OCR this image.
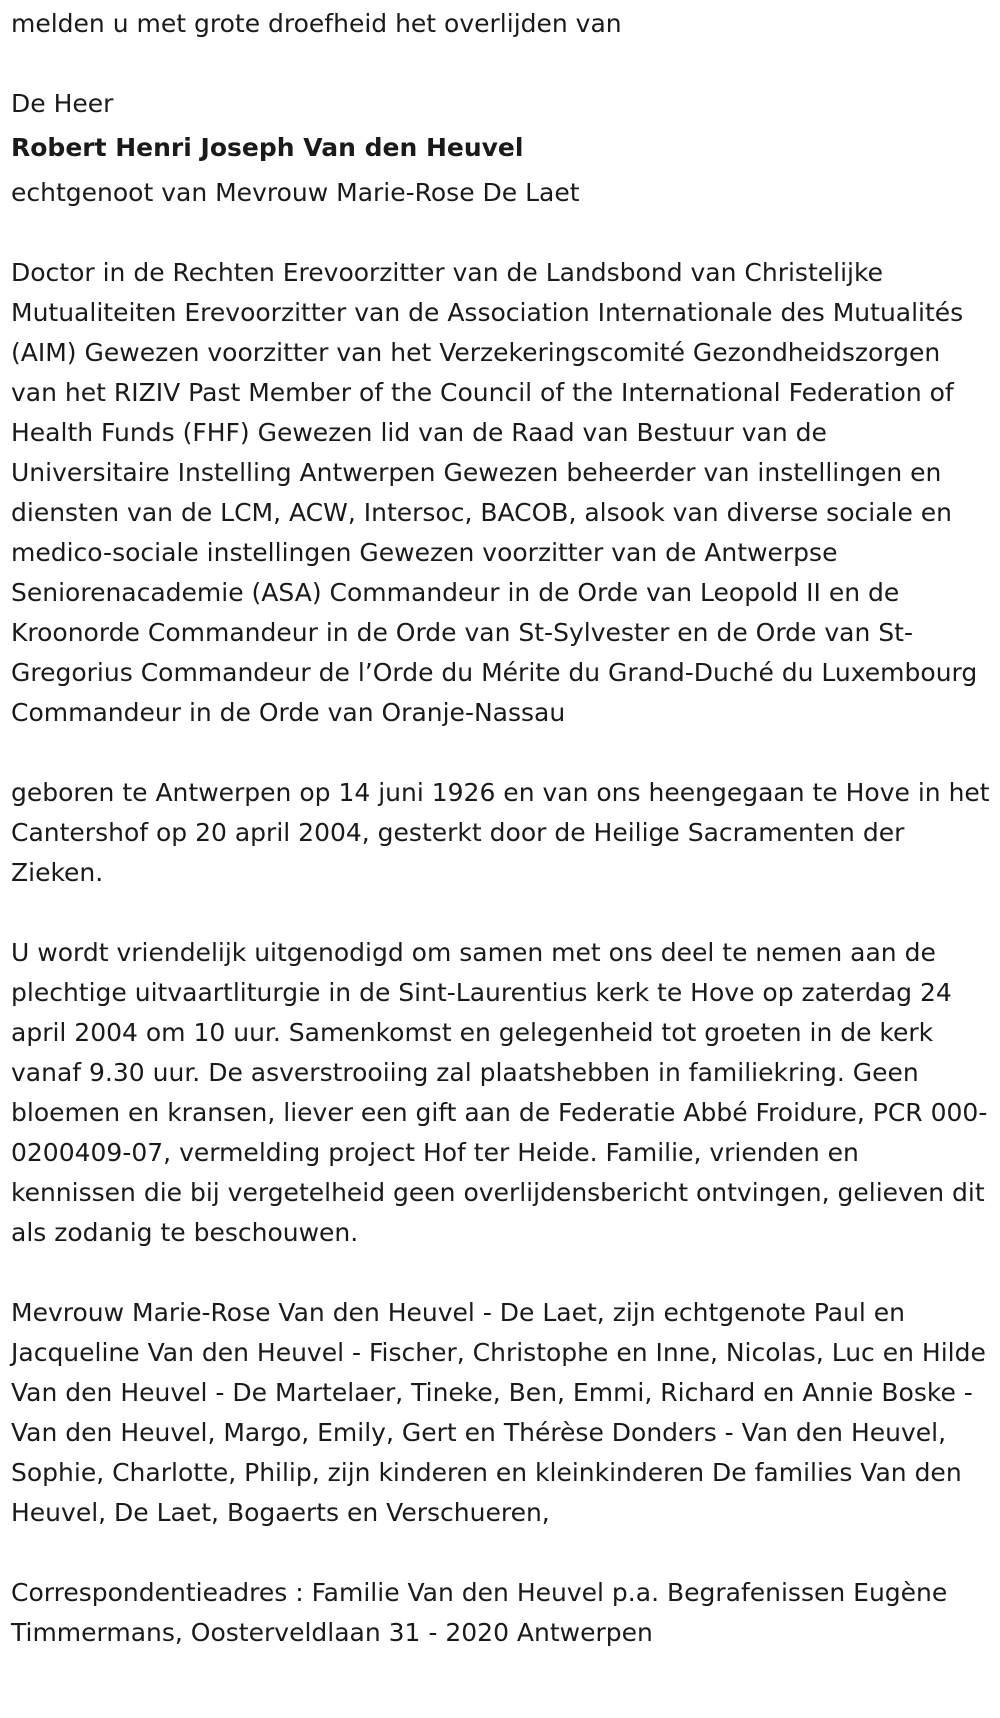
melden u met grote droefheid het overlijden van

De Heer

Robert Henri Joseph Van den Heuvel

echtgenoot van Mevrouw Marie-Rose De Laet

Doctor in de Rechten Erevoorzitter van de Landsbond van Christelijke Mutualiteiten Erevoorzitter van de Association Internationale des Mutualités (AIM) Gewezen voorzitter van het Verzekeringscomité Gezondheidszorgen van het RIZIV Past Member of the Council of the International Federation of Health Funds (FHF) Gewezen lid van de Raad van Bestuur van de Universitaire Instelling Antwerpen Gewezen beheerder van instellingen en diensten van de LCM, ACW, Intersoc, BACOB, alsook van diverse sociale en medico-sociale instellingen Gewezen voorzitter van de Antwerpse Seniorenacademie (ASA) Commandeur in de Orde van Leopold II en de Kroonorde Commandeur in de Orde van St-Sylvester en de Orde van St-Gregorius Commandeur de l’Orde du Mérite du Grand-Duché du Luxembourg Commandeur in de Orde van Oranje-Nassau

geboren te Antwerpen op 14 juni 1926 en van ons heengegaan te Hove in het Cantershof op 20 april 2004, gesterkt door de Heilige Sacramenten der Zieken.

U wordt vriendelijk uitgenodigd om samen met ons deel te nemen aan de plechtige uitvaartliturgie in de Sint-Laurentius kerk te Hove op zaterdag 24 april 2004 om 10 uur. Samenkomst en gelegenheid tot groeten in de kerk vanaf 9.30 uur. De asverstrooiing zal plaatshebben in familiekring. Geen bloemen en kransen, liever een gift aan de Federatie Abbé Froidure, PCR 000-0200409-07, vermelding project Hof ter Heide. Familie, vrienden en kennissen die bij vergetelheid geen overlijdensbericht ontvingen, gelieven dit als zodanig te beschouwen.

Mevrouw Marie-Rose Van den Heuvel - De Laet, zijn echtgenote Paul en Jacqueline Van den Heuvel - Fischer, Christophe en Inne, Nicolas, Luc en Hilde Van den Heuvel - De Martelaer, Tineke, Ben, Emmi, Richard en Annie Boske - Van den Heuvel, Margo, Emily, Gert en Thérèse Donders - Van den Heuvel, Sophie, Charlotte, Philip, zijn kinderen en kleinkinderen De families Van den Heuvel, De Laet, Bogaerts en Verschueren,

Correspondentieadres : Familie Van den Heuvel p.a. Begrafenissen Eugène Timmermans, Oosterveldlaan 31 - 2020 Antwerpen
